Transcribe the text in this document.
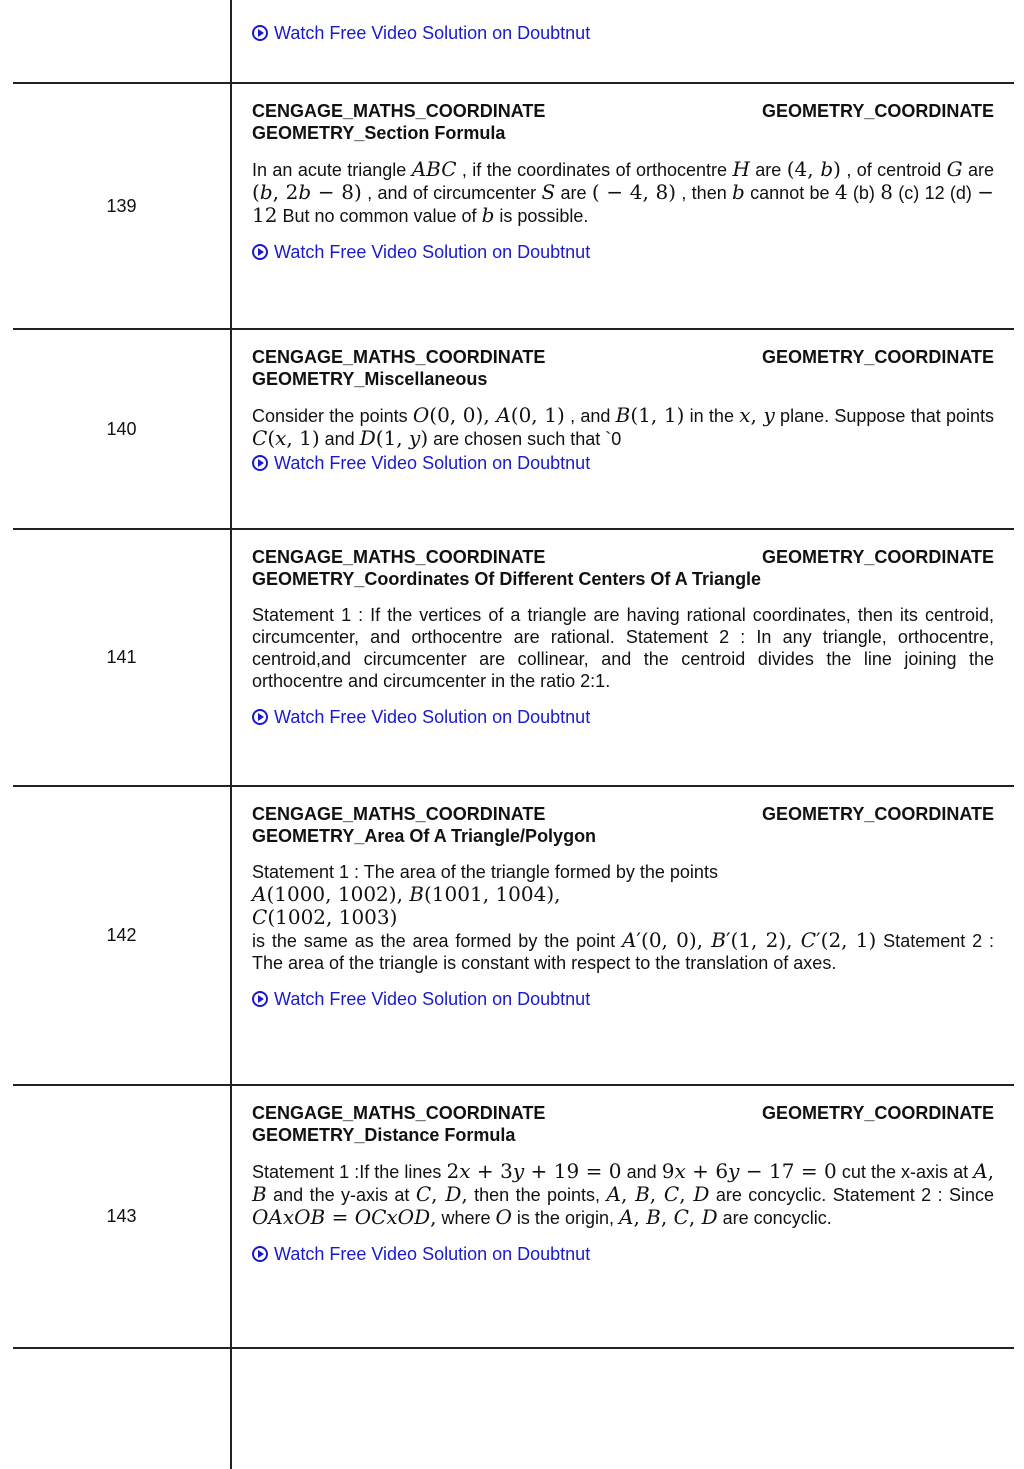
Watch Free Video Solution on Doubtnut
139
CENGAGE_MATHS_COORDINATE	GEOMETRY_COORDINATE
GEOMETRY_Section Formula
In an acute triangle ABC , if the coordinates of orthocentre H are (4, b) , of centroid G are (b, 2b − 8) , and of circumcenter S are ( − 4, 8) , then b cannot be 4 (b) 8 (c) 12 (d) − 12 But no common value of b is possible.
Watch Free Video Solution on Doubtnut
140
CENGAGE_MATHS_COORDINATE	GEOMETRY_COORDINATE
GEOMETRY_Miscellaneous
Consider the points O(0, 0), A(0, 1) , and B(1, 1) in the x, y plane. Suppose that points C(x, 1) and D(1, y) are chosen such that `0
Watch Free Video Solution on Doubtnut
141
CENGAGE_MATHS_COORDINATE	GEOMETRY_COORDINATE
GEOMETRY_Coordinates Of Different Centers Of A Triangle
Statement 1 : If the vertices of a triangle are having rational coordinates, then its centroid, circumcenter, and orthocentre are rational. Statement 2 : In any triangle, orthocentre, centroid,and circumcenter are collinear, and the centroid divides the line joining the orthocentre and circumcenter in the ratio 2:1.
Watch Free Video Solution on Doubtnut
142
CENGAGE_MATHS_COORDINATE	GEOMETRY_COORDINATE
GEOMETRY_Area Of A Triangle/Polygon
Statement 1 : The area of the triangle formed by the points
A(1000, 1002), B(1001, 1004),
C(1002, 1003)
is the same as the area formed by the point A′(0, 0), B′(1, 2), C′(2, 1) Statement 2 : The area of the triangle is constant with respect to the translation of axes.
Watch Free Video Solution on Doubtnut
143
CENGAGE_MATHS_COORDINATE	GEOMETRY_COORDINATE
GEOMETRY_Distance Formula
Statement 1 :If the lines 2x + 3y + 19 = 0 and 9x + 6y − 17 = 0 cut the x-axis at A, B and the y-axis at C, D, then the points, A, B, C, D are concyclic. Statement 2 : Since OAxOB = OCxOD, where O is the origin, A, B, C, D are concyclic.
Watch Free Video Solution on Doubtnut
